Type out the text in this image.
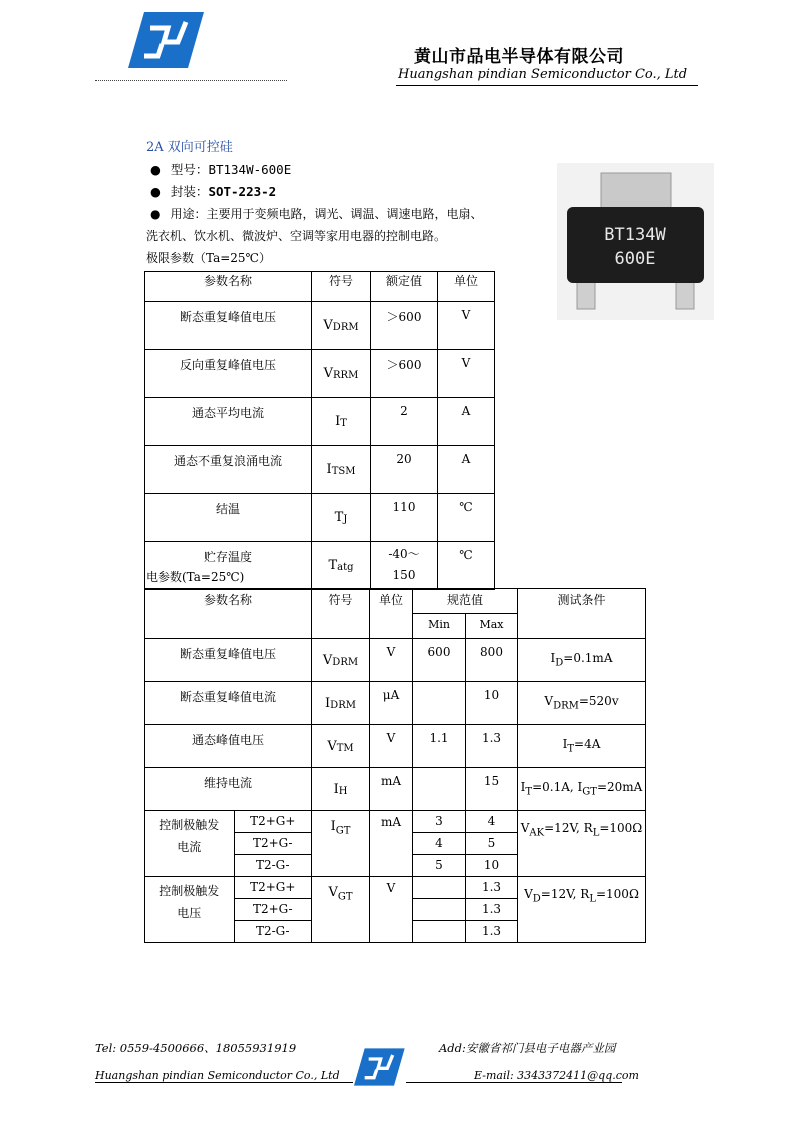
黄山市品电半导体有限公司
Huangshan pindian Semiconductor Co., Ltd
2A 双向可控硅
● 型号：BT134W-600E
● 封装：SOT-223-2
● 用途：主要用于变频电路，调光、调温、调速电路，电扇、
洗衣机、饮水机、微波炉、空调等家用电器的控制电路。	BT134W
600E
极限参数（Ta=25℃）
参数名称	符号	额定值	单位
断态重复峰值电压	$V_{DRM}$	＞600	V
反向重复峰值电压	$V_{RRM}$	＞600	V
通态平均电流	$I_T$	2	A
通态不重复浪涌电流	$I_{TSM}$	20	A
结温	$T_J$	110	℃
贮存温度	$T_{atg}$	-40～
150	℃
电参数(Ta=25℃)
参数名称		符号	单位	规范值		测试条件
				Min	Max	
断态重复峰值电压		$V_{DRM}$	V	600	800	$I_D=0.1mA$
断态重复峰值电流		$I_{DRM}$	μA		10	$V_{DRM}=520v$
通态峰值电压		$V_{TM}$	V	1.1	1.3	$I_T=4A$
维持电流		$I_H$	mA		15	$I_T=0.1A$, $I_{GT}=20mA$
控制极触发
电流	T2+G+	$I_{GT}$	mA	3	4	$V_{AK}=12V$, $R_L=100\Omega$
	T2+G-			4	5	
	T2-G-			5	10	
控制极触发
电压	T2+G+	$V_{GT}$	V		1.3	$V_D=12V$, $R_L=100\Omega$
	T2+G-				1.3	
	T2-G-				1.3	
Tel: 0559-4500666、18055931919
Huangshan pindian Semiconductor Co., Ltd
Add:安徽省祁门县电子电器产业园
E-mail: 3343372411@qq.com
